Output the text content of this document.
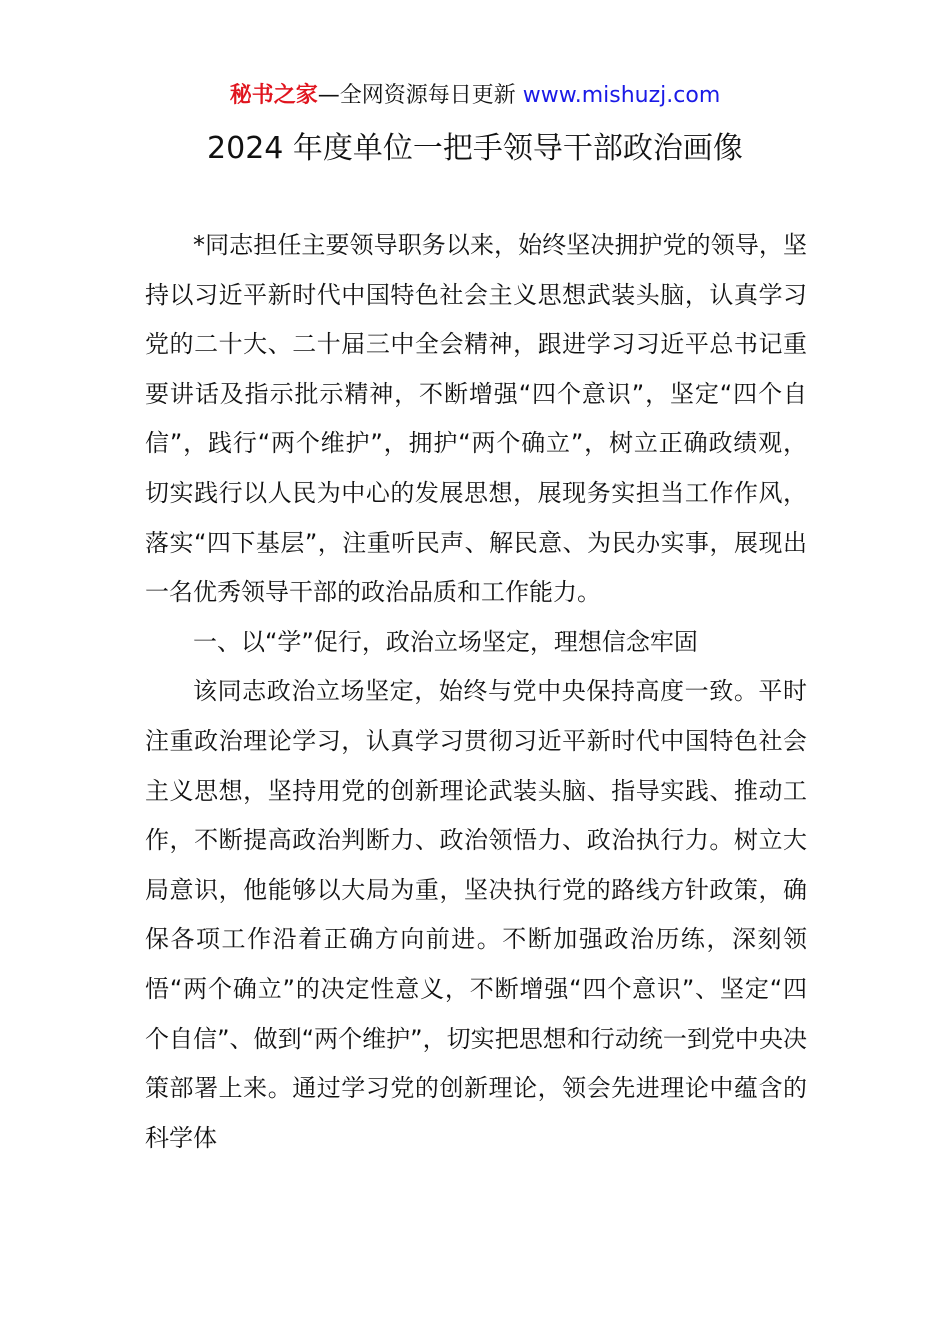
秘书之家—全网资源每日更新 www.mishuzj.com
2024 年度单位一把手领导干部政治画像

*同志担任主要领导职务以来，始终坚决拥护党的领导，坚持以习近平新时代中国特色社会主义思想武装头脑，认真学习党的二十大、二十届三中全会精神，跟进学习习近平总书记重要讲话及指示批示精神，不断增强“四个意识”，坚定“四个自信”，践行“两个维护”，拥护“两个确立”，树立正确政绩观，切实践行以人民为中心的发展思想，展现务实担当工作作风，落实“四下基层”，注重听民声、解民意、为民办实事，展现出一名优秀领导干部的政治品质和工作能力。

一、以“学”促行，政治立场坚定，理想信念牢固

该同志政治立场坚定，始终与党中央保持高度一致。平时注重政治理论学习，认真学习贯彻习近平新时代中国特色社会主义思想，坚持用党的创新理论武装头脑、指导实践、推动工作，不断提高政治判断力、政治领悟力、政治执行力。树立大局意识，他能够以大局为重，坚决执行党的路线方针政策，确保各项工作沿着正确方向前进。不断加强政治历练，深刻领悟“两个确立”的决定性意义，不断增强“四个意识”、坚定“四个自信”、做到“两个维护”，切实把思想和行动统一到党中央决策部署上来。通过学习党的创新理论，领会先进理论中蕴含的科学体
